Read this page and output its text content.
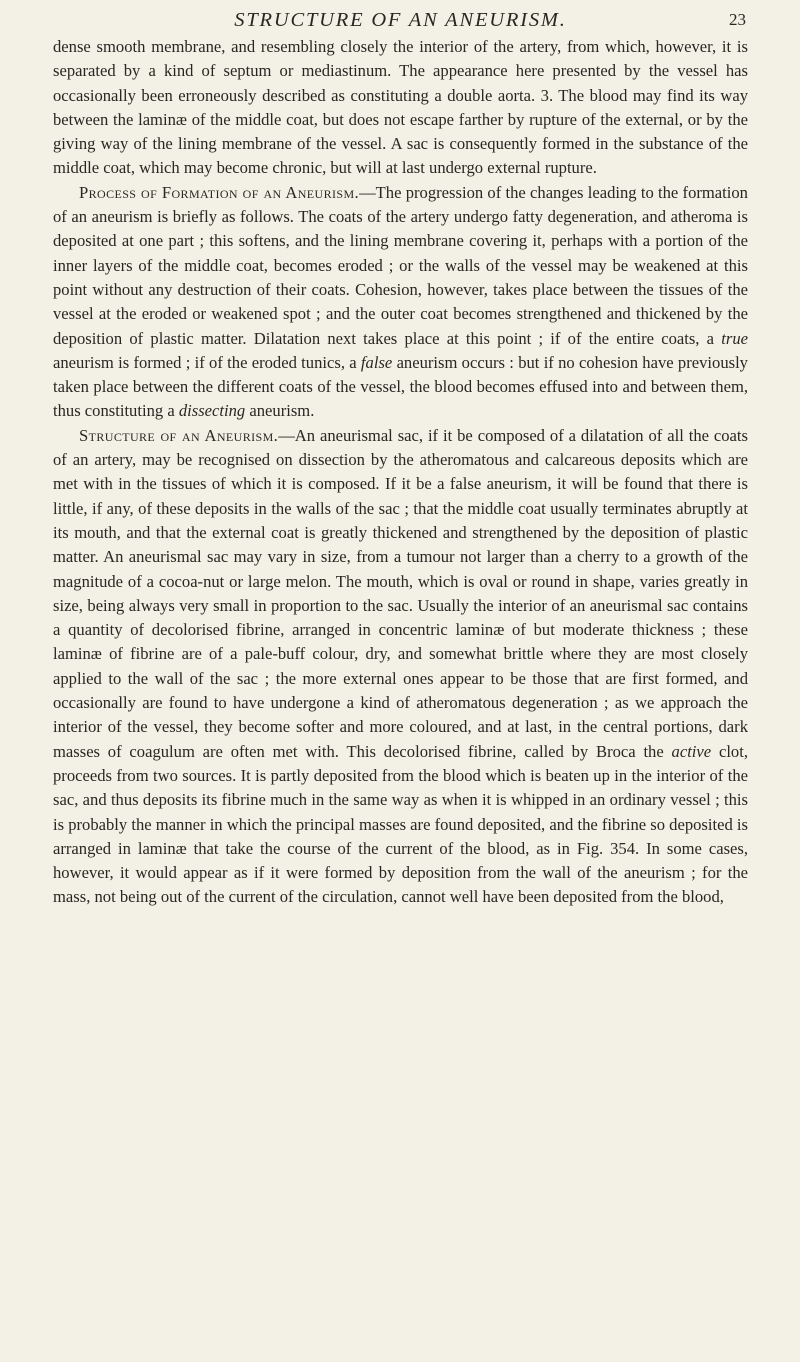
STRUCTURE OF AN ANEURISM.	23

dense smooth membrane, and resembling closely the interior of the artery, from which, however, it is separated by a kind of septum or mediastinum. The appearance here presented by the vessel has occasionally been erroneously described as constituting a double aorta. 3. The blood may find its way between the laminæ of the middle coat, but does not escape farther by rupture of the external, or by the giving way of the lining membrane of the vessel. A sac is consequently formed in the substance of the middle coat, which may become chronic, but will at last undergo external rupture.

Process of Formation of an Aneurism.—The progression of the changes leading to the formation of an aneurism is briefly as follows. The coats of the artery undergo fatty degeneration, and atheroma is deposited at one part ; this softens, and the lining membrane covering it, perhaps with a portion of the inner layers of the middle coat, becomes eroded ; or the walls of the vessel may be weakened at this point without any destruction of their coats. Cohesion, however, takes place between the tissues of the vessel at the eroded or weakened spot ; and the outer coat becomes strengthened and thickened by the deposition of plastic matter. Dilatation next takes place at this point ; if of the entire coats, a true aneurism is formed ; if of the eroded tunics, a false aneurism occurs : but if no cohesion have previously taken place between the different coats of the vessel, the blood becomes effused into and between them, thus constituting a dissecting aneurism.

Structure of an Aneurism.—An aneurismal sac, if it be composed of a dilatation of all the coats of an artery, may be recognised on dissection by the atheromatous and calcareous deposits which are met with in the tissues of which it is composed. If it be a false aneurism, it will be found that there is little, if any, of these deposits in the walls of the sac ; that the middle coat usually terminates abruptly at its mouth, and that the external coat is greatly thickened and strengthened by the deposition of plastic matter. An aneurismal sac may vary in size, from a tumour not larger than a cherry to a growth of the magnitude of a cocoa-nut or large melon. The mouth, which is oval or round in shape, varies greatly in size, being always very small in proportion to the sac. Usually the interior of an aneurismal sac contains a quantity of decolorised fibrine, arranged in concentric laminæ of but moderate thickness ; these laminæ of fibrine are of a pale-buff colour, dry, and somewhat brittle where they are most closely applied to the wall of the sac ; the more external ones appear to be those that are first formed, and occasionally are found to have undergone a kind of atheromatous degeneration ; as we approach the interior of the vessel, they become softer and more coloured, and at last, in the central portions, dark masses of coagulum are often met with. This decolorised fibrine, called by Broca the active clot, proceeds from two sources. It is partly deposited from the blood which is beaten up in the interior of the sac, and thus deposits its fibrine much in the same way as when it is whipped in an ordinary vessel ; this is probably the manner in which the principal masses are found deposited, and the fibrine so deposited is arranged in laminæ that take the course of the current of the blood, as in Fig. 354. In some cases, however, it would appear as if it were formed by deposition from the wall of the aneurism ; for the mass, not being out of the current of the circulation, cannot well have been deposited from the blood,
